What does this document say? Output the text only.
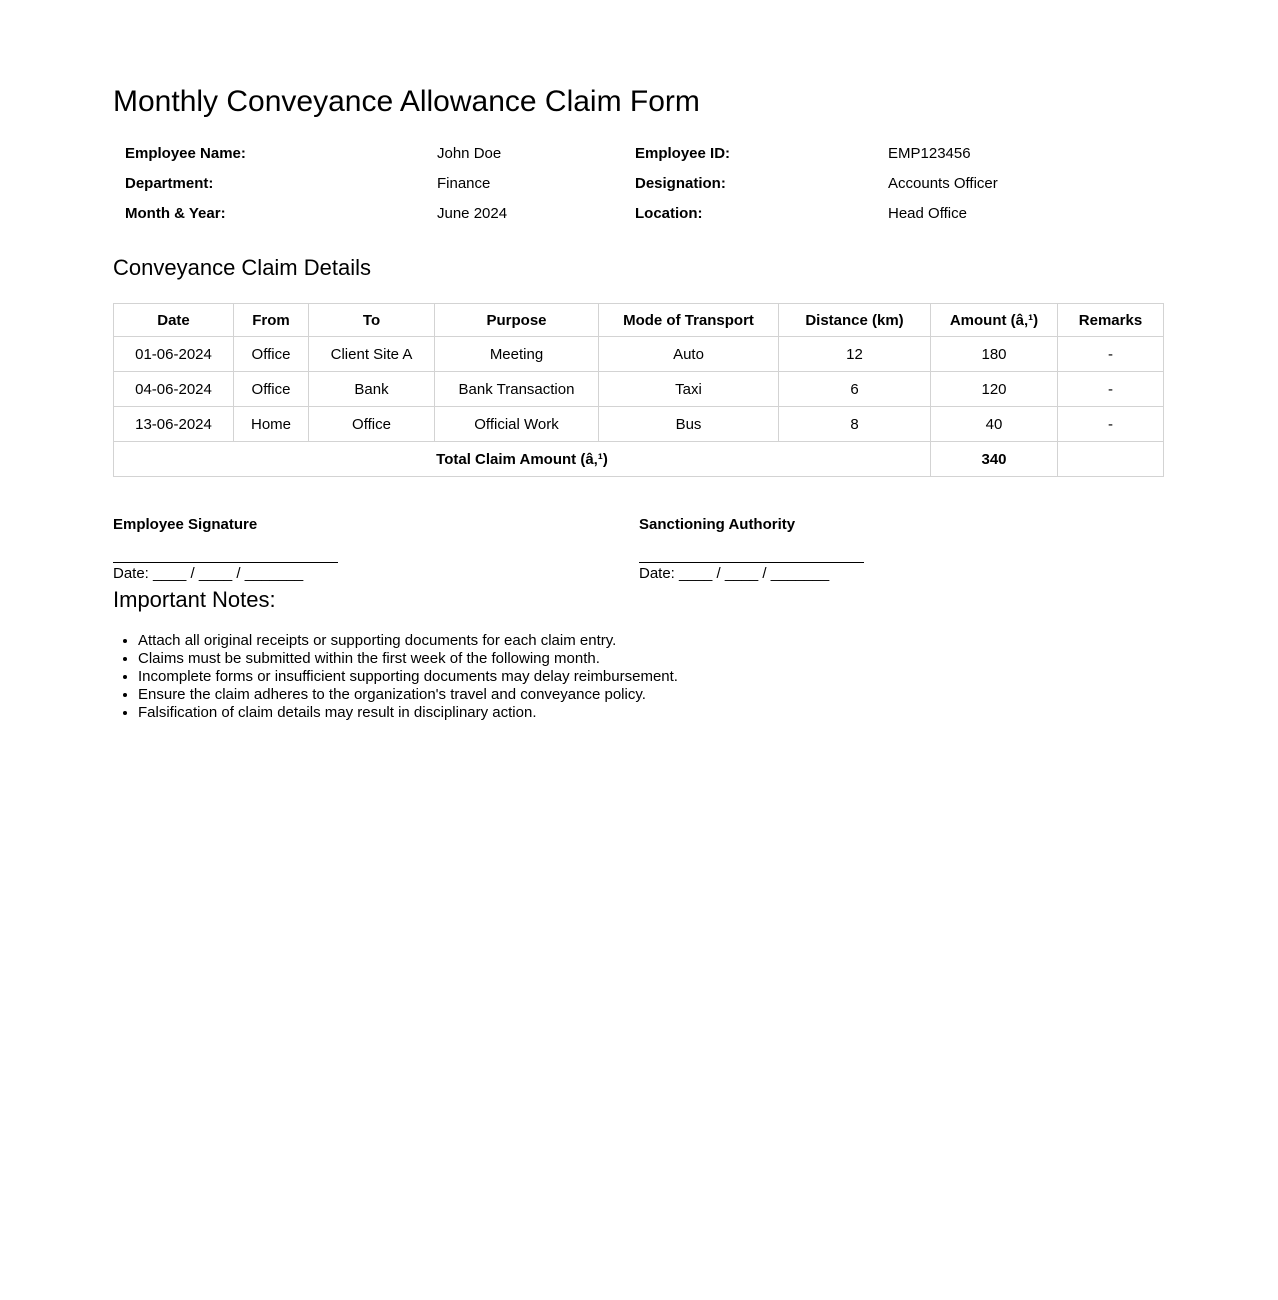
Monthly Conveyance Allowance Claim Form
Employee Name:	John Doe	Employee ID:	EMP123456
Department:	Finance	Designation:	Accounts Officer
Month & Year:	June 2024	Location:	Head Office
Conveyance Claim Details
Date	From	To	Purpose	Mode of Transport	Distance (km)	Amount (â‚¹)	Remarks
01-06-2024	Office	Client Site A	Meeting	Auto	12	180	-
04-06-2024	Office	Bank	Bank Transaction	Taxi	6	120	-
13-06-2024	Home	Office	Official Work	Bus	8	40	-
Total Claim Amount (â‚¹)						340	
Employee Signature
Date: ____ / ____ / _______
Sanctioning Authority
Date: ____ / ____ / _______
Important Notes:
• Attach all original receipts or supporting documents for each claim entry.
• Claims must be submitted within the first week of the following month.
• Incomplete forms or insufficient supporting documents may delay reimbursement.
• Ensure the claim adheres to the organization's travel and conveyance policy.
• Falsification of claim details may result in disciplinary action.
